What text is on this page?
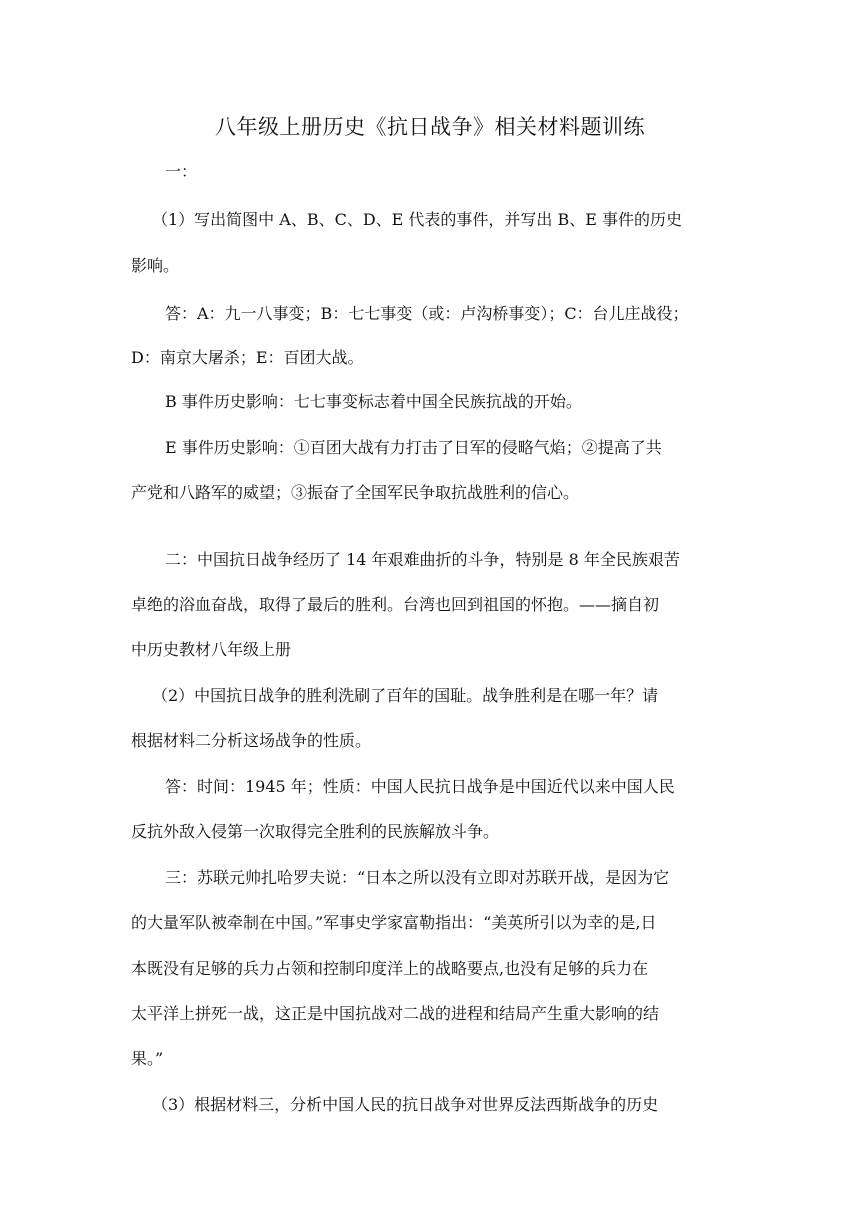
八年级上册历史《抗日战争》相关材料题训练
一：
（1）写出简图中 A、B、C、D、E 代表的事件，并写出 B、E 事件的历史
影响。
答：A：九一八事变；B：七七事变（或：卢沟桥事变）；C：台儿庄战役；
D：南京大屠杀；E：百团大战。
B 事件历史影响：七七事变标志着中国全民族抗战的开始。
E 事件历史影响：①百团大战有力打击了日军的侵略气焰；②提高了共
产党和八路军的威望；③振奋了全国军民争取抗战胜利的信心。
二：中国抗日战争经历了 14 年艰难曲折的斗争，特别是 8 年全民族艰苦
卓绝的浴血奋战，取得了最后的胜利。台湾也回到祖国的怀抱。——摘自初
中历史教材八年级上册
（2）中国抗日战争的胜利洗刷了百年的国耻。战争胜利是在哪一年？请
根据材料二分析这场战争的性质。
答：时间：1945 年；性质：中国人民抗日战争是中国近代以来中国人民
反抗外敌入侵第一次取得完全胜利的民族解放斗争。
三：苏联元帅扎哈罗夫说：“日本之所以没有立即对苏联开战，是因为它
的大量军队被牵制在中国。”军事史学家富勒指出：“美英所引以为幸的是,日
本既没有足够的兵力占领和控制印度洋上的战略要点,也没有足够的兵力在
太平洋上拼死一战，这正是中国抗战对二战的进程和结局产生重大影响的结
果。”
（3）根据材料三，分析中国人民的抗日战争对世界反法西斯战争的历史
